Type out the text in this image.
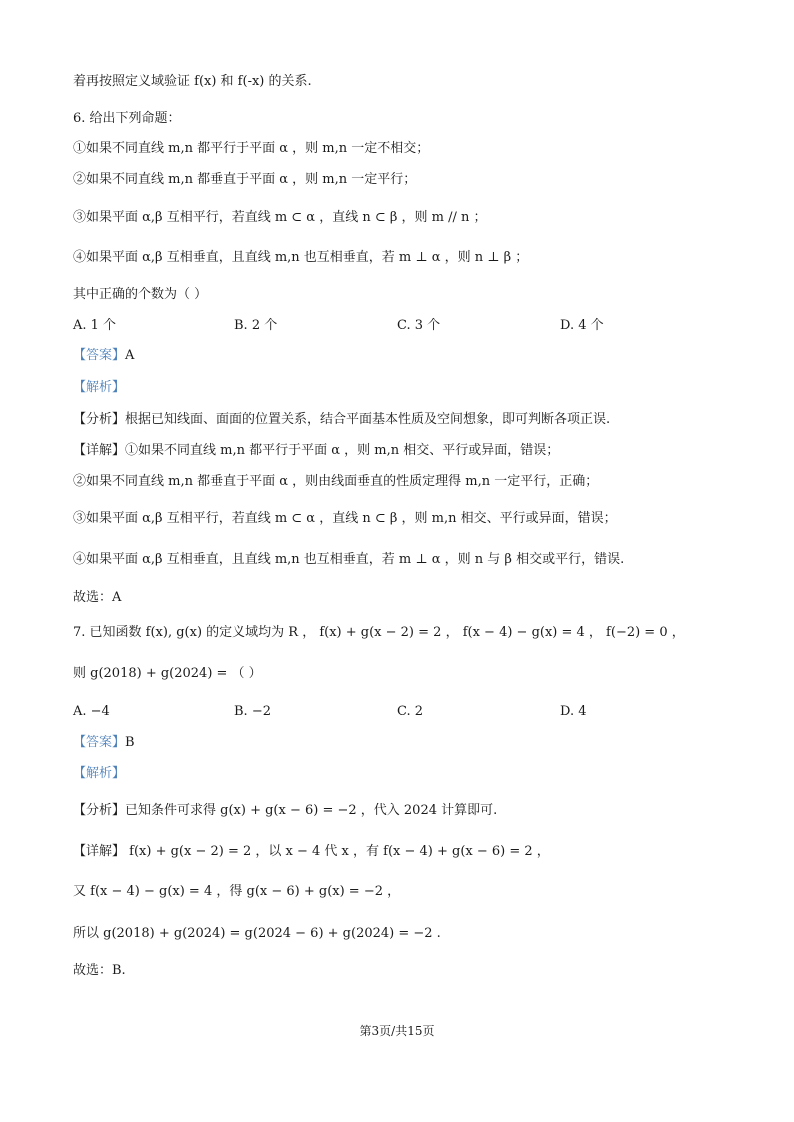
着再按照定义域验证 f(x) 和 f(-x) 的关系.
6. 给出下列命题：
①如果不同直线 m,n 都平行于平面 α ，则 m,n 一定不相交；
②如果不同直线 m,n 都垂直于平面 α ，则 m,n 一定平行；
③如果平面 α,β 互相平行，若直线 m ⊂ α ，直线 n ⊂ β ，则 m // n ；
④如果平面 α,β 互相垂直，且直线 m,n 也互相垂直，若 m ⊥ α ，则 n ⊥ β ；
其中正确的个数为（ ）
A. 1 个	B. 2 个	C. 3 个	D. 4 个
【答案】A
【解析】
【分析】根据已知线面、面面的位置关系，结合平面基本性质及空间想象，即可判断各项正误.
【详解】①如果不同直线 m,n 都平行于平面 α ，则 m,n 相交、平行或异面，错误；
②如果不同直线 m,n 都垂直于平面 α ，则由线面垂直的性质定理得 m,n 一定平行，正确；
③如果平面 α,β 互相平行，若直线 m ⊂ α ，直线 n ⊂ β ，则 m,n 相交、平行或异面，错误；
④如果平面 α,β 互相垂直，且直线 m,n 也互相垂直，若 m ⊥ α ，则 n 与 β 相交或平行，错误.
故选：A
7. 已知函数 f(x), g(x) 的定义域均为 R ， f(x) + g(x − 2) = 2 ， f(x − 4) − g(x) = 4 ， f(−2) = 0 ，
则 g(2018) + g(2024) = （ ）
A. −4	B. −2	C. 2	D. 4
【答案】B
【解析】
【分析】已知条件可求得 g(x) + g(x − 6) = −2 ，代入 2024 计算即可.
【详解】 f(x) + g(x − 2) = 2 ，以 x − 4 代 x ，有 f(x − 4) + g(x − 6) = 2 ，
又 f(x − 4) − g(x) = 4 ，得 g(x − 6) + g(x) = −2 ，
所以 g(2018) + g(2024) = g(2024 − 6) + g(2024) = −2 .
故选：B.
第3页/共15页
